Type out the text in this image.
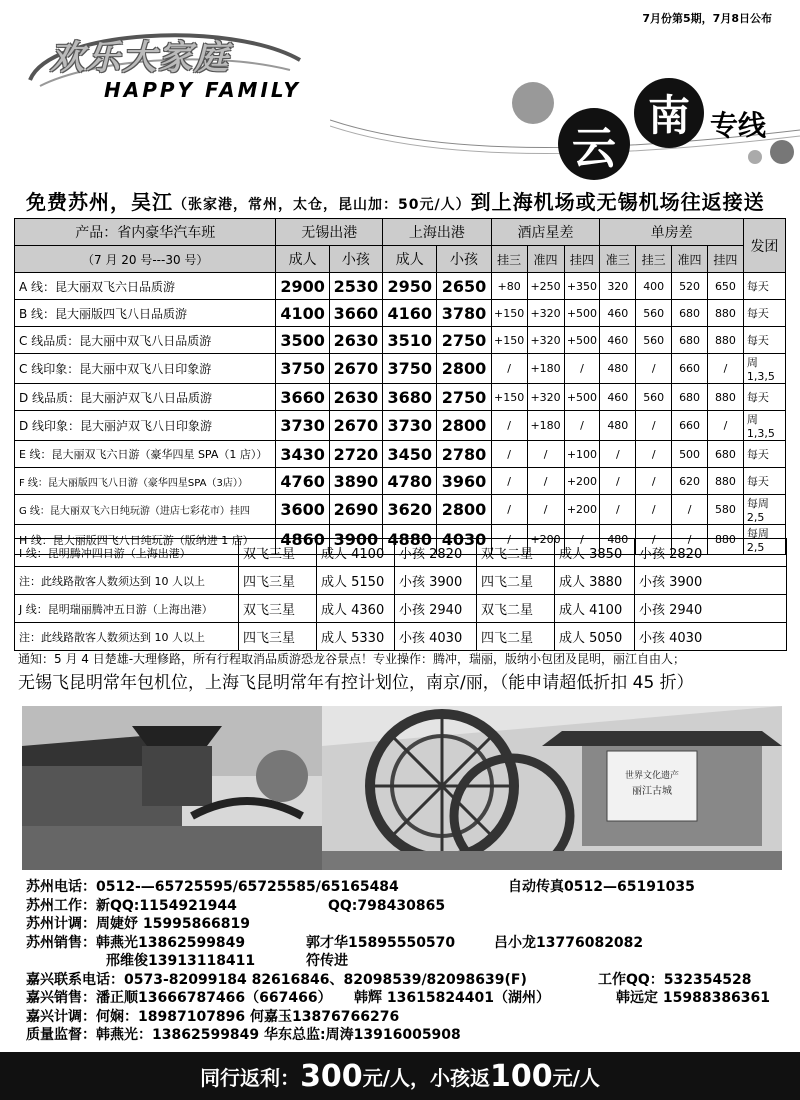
7月份第5期，7月8日公布
欢乐大家庭
HAPPY FAMILY
云
南 专线
免费苏州，吴江（张家港，常州，太仓，昆山加：50元/人）到上海机场或无锡机场往返接送
产品：省内豪华汽车班	无锡出港		上海出港		酒店星差			单房差				发团
（7 月 20 号---30 号）	成人	小孩	成人	小孩	挂三	准四	挂四	准三	挂三	准四	挂四	
A 线：昆大丽双飞六日品质游	2900	2530	2950	2650	+80	+250	+350	320	400	520	650	每天
B 线：昆大丽版四飞八日品质游	4100	3660	4160	3780	+150	+320	+500	460	560	680	880	每天
C 线品质：昆大丽中双飞八日品质游	3500	2630	3510	2750	+150	+320	+500	460	560	680	880	每天
C 线印象：昆大丽中双飞八日印象游	3750	2670	3750	2800	/	+180	/	480	/	660	/	周 1,3,5
D 线品质：昆大丽泸双飞八日品质游	3660	2630	3680	2750	+150	+320	+500	460	560	680	880	每天
D 线印象：昆大丽泸双飞八日印象游	3730	2670	3730	2800	/	+180	/	480	/	660	/	周 1,3,5
E 线：昆大丽双飞六日游（豪华四星 SPA（1 店））	3430	2720	3450	2780	/	/	+100	/	/	500	680	每天
F 线：昆大丽版四飞八日游（豪华四星SPA（3店））	4760	3890	4780	3960	/	/	+200	/	/	620	880	每天
G 线：昆大丽双飞六日纯玩游（进店七彩花市）挂四	3600	2690	3620	2800	/	/	+200	/	/	/	580	每周 2,5
H 线：昆大丽版四飞八日纯玩游（版纳进 1 店）	4860	3900	4880	4030	/	+200	/	480	/	/	880	每周 2,5
I 线：昆明腾冲四日游（上海出港）	双飞三星	成人 4100	小孩 2820	双飞二星	成人 3850	小孩 2820
注：此线路散客人数须达到 10 人以上	四飞三星	成人 5150	小孩 3900	四飞二星	成人 3880	小孩 3900
J 线：昆明瑞丽腾冲五日游（上海出港）	双飞三星	成人 4360	小孩 2940	双飞二星	成人 4100	小孩 2940
注：此线路散客人数须达到 10 人以上	四飞三星	成人 5330	小孩 4030	四飞二星	成人 5050	小孩 4030
通知：5 月 4 日楚雄-大理修路，所有行程取消品质游恐龙谷景点！专业操作：腾冲，瑞丽，版纳小包团及昆明，丽江自由人；
无锡飞昆明常年包机位，上海飞昆明常年有控计划位，南京/丽，（能申请超低折扣 45 折）
世界文化遗产
丽江古城
苏州电话：0512-—65725595/65725585/65165484	自动传真0512—65191035
苏州工作：新QQ:1154921944	QQ:798430865
苏州计调：周婕妤 15995866819
苏州销售：韩燕光13862599849	郭才华15895550570	吕小龙13776082082
邢维俊13913118411	符传进
嘉兴联系电话：0573-82099184 82616846、82098539/82098639(F)	工作QQ：532354528
嘉兴销售：潘正顺13666787466（667466） 韩辉 13615824401（湖州）	韩远定 15988386361
嘉兴计调：何娴：18987107896 何嘉玉13876766276
质量监督：韩燕光：13862599849 华东总监:周涛13916005908
同行返利： 300 元/人，小孩返 100 元/人
